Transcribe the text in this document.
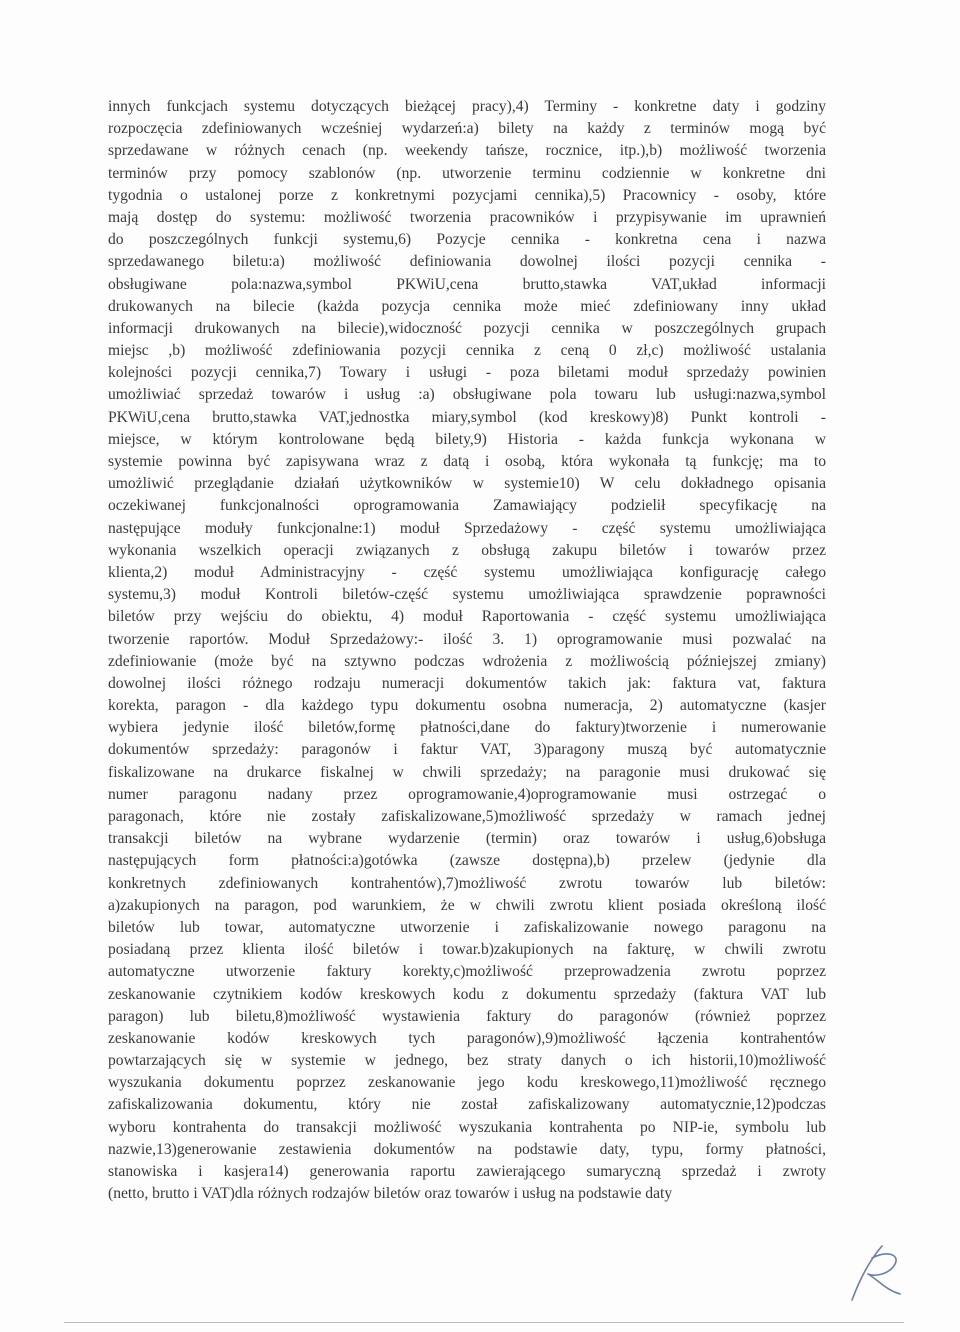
innych funkcjach systemu dotyczących bieżącej pracy),4) Terminy - konkretne daty i godziny
rozpoczęcia zdefiniowanych wcześniej wydarzeń:a) bilety na każdy z terminów mogą być
sprzedawane w różnych cenach (np. weekendy tańsze, rocznice, itp.),b) możliwość tworzenia
terminów przy pomocy szablonów (np. utworzenie terminu codziennie w konkretne dni
tygodnia o ustalonej porze z konkretnymi pozycjami cennika),5) Pracownicy - osoby, które
mają dostęp do systemu: możliwość tworzenia pracowników i przypisywanie im uprawnień
do poszczególnych funkcji systemu,6) Pozycje cennika - konkretna cena i nazwa
sprzedawanego biletu:a) możliwość definiowania dowolnej ilości pozycji cennika -
obsługiwane pola:nazwa,symbol PKWiU,cena brutto,stawka VAT,układ informacji
drukowanych na bilecie (każda pozycja cennika może mieć zdefiniowany inny układ
informacji drukowanych na bilecie),widoczność pozycji cennika w poszczególnych grupach
miejsc ,b) możliwość zdefiniowania pozycji cennika z ceną 0 zł,c) możliwość ustalania
kolejności pozycji cennika,7) Towary i usługi - poza biletami moduł sprzedaży powinien
umożliwiać sprzedaż towarów i usług :a) obsługiwane pola towaru lub usługi:nazwa,symbol
PKWiU,cena brutto,stawka VAT,jednostka miary,symbol (kod kreskowy)8) Punkt kontroli -
miejsce, w którym kontrolowane będą bilety,9) Historia - każda funkcja wykonana w
systemie powinna być zapisywana wraz z datą i osobą, która wykonała tą funkcję; ma to
umożliwić przeglądanie działań użytkowników w systemie10) W celu dokładnego opisania
oczekiwanej funkcjonalności oprogramowania Zamawiający podzielił specyfikację na
następujące moduły funkcjonalne:1) moduł Sprzedażowy - część systemu umożliwiająca
wykonania wszelkich operacji związanych z obsługą zakupu biletów i towarów przez
klienta,2) moduł Administracyjny - część systemu umożliwiająca konfigurację całego
systemu,3) moduł Kontroli biletów-część systemu umożliwiająca sprawdzenie poprawności
biletów przy wejściu do obiektu, 4) moduł Raportowania - część systemu umożliwiająca
tworzenie raportów. Moduł Sprzedażowy:- ilość 3. 1) oprogramowanie musi pozwalać na
zdefiniowanie (może być na sztywno podczas wdrożenia z możliwością późniejszej zmiany)
dowolnej ilości różnego rodzaju numeracji dokumentów takich jak: faktura vat, faktura
korekta, paragon - dla każdego typu dokumentu osobna numeracja, 2) automatyczne (kasjer
wybiera jedynie ilość biletów,formę płatności,dane do faktury)tworzenie i numerowanie
dokumentów sprzedaży: paragonów i faktur VAT, 3)paragony muszą być automatycznie
fiskalizowane na drukarce fiskalnej w chwili sprzedaży; na paragonie musi drukować się
numer paragonu nadany przez oprogramowanie,4)oprogramowanie musi ostrzegać o
paragonach, które nie zostały zafiskalizowane,5)możliwość sprzedaży w ramach jednej
transakcji biletów na wybrane wydarzenie (termin) oraz towarów i usług,6)obsługa
następujących form płatności:a)gotówka (zawsze dostępna),b) przelew (jedynie dla
konkretnych zdefiniowanych kontrahentów),7)możliwość zwrotu towarów lub biletów:
a)zakupionych na paragon, pod warunkiem, że w chwili zwrotu klient posiada określoną ilość
biletów lub towar, automatyczne utworzenie i zafiskalizowanie nowego paragonu na
posiadaną przez klienta ilość biletów i towar.b)zakupionych na fakturę, w chwili zwrotu
automatyczne utworzenie faktury korekty,c)możliwość przeprowadzenia zwrotu poprzez
zeskanowanie czytnikiem kodów kreskowych kodu z dokumentu sprzedaży (faktura VAT lub
paragon) lub biletu,8)możliwość wystawienia faktury do paragonów (również poprzez
zeskanowanie kodów kreskowych tych paragonów),9)możliwość łączenia kontrahentów
powtarzających się w systemie w jednego, bez straty danych o ich historii,10)możliwość
wyszukania dokumentu poprzez zeskanowanie jego kodu kreskowego,11)możliwość ręcznego
zafiskalizowania dokumentu, który nie został zafiskalizowany automatycznie,12)podczas
wyboru kontrahenta do transakcji możliwość wyszukania kontrahenta po NIP-ie, symbolu lub
nazwie,13)generowanie zestawienia dokumentów na podstawie daty, typu, formy płatności,
stanowiska i kasjera14) generowania raportu zawierającego sumaryczną sprzedaż i zwroty
(netto, brutto i VAT)dla różnych rodzajów biletów oraz towarów i usług na podstawie daty
